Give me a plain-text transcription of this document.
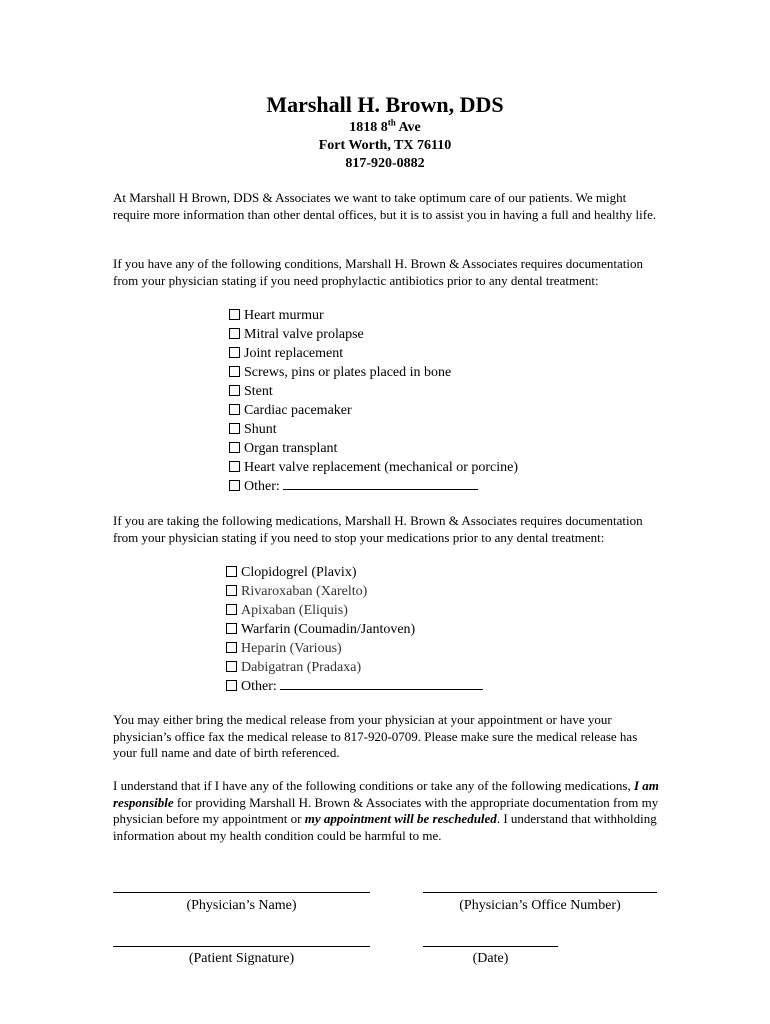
Marshall H. Brown, DDS
1818 8th Ave
Fort Worth, TX 76110
817-920-0882

At Marshall H Brown, DDS & Associates we want to take optimum care of our patients. We might require more information than other dental offices, but it is to assist you in having a full and healthy life.

If you have any of the following conditions, Marshall H. Brown & Associates requires documentation from your physician stating if you need prophylactic antibiotics prior to any dental treatment:

Heart murmur
Mitral valve prolapse
Joint replacement
Screws, pins or plates placed in bone
Stent
Cardiac pacemaker
Shunt
Organ transplant
Heart valve replacement (mechanical or porcine)
Other:

If you are taking the following medications, Marshall H. Brown & Associates requires documentation from your physician stating if you need to stop your medications prior to any dental treatment:

Clopidogrel (Plavix)
Rivaroxaban (Xarelto)
Apixaban (Eliquis)
Warfarin (Coumadin/Jantoven)
Heparin (Various)
Dabigatran (Pradaxa)
Other:

You may either bring the medical release from your physician at your appointment or have your physician’s office fax the medical release to 817-920-0709. Please make sure the medical release has your full name and date of birth referenced.

I understand that if I have any of the following conditions or take any of the following medications, I am responsible for providing Marshall H. Brown & Associates with the appropriate documentation from my physician before my appointment or my appointment will be rescheduled. I understand that withholding information about my health condition could be harmful to me.

(Physician’s Name)	(Physician’s Office Number)
(Patient Signature)	(Date)
